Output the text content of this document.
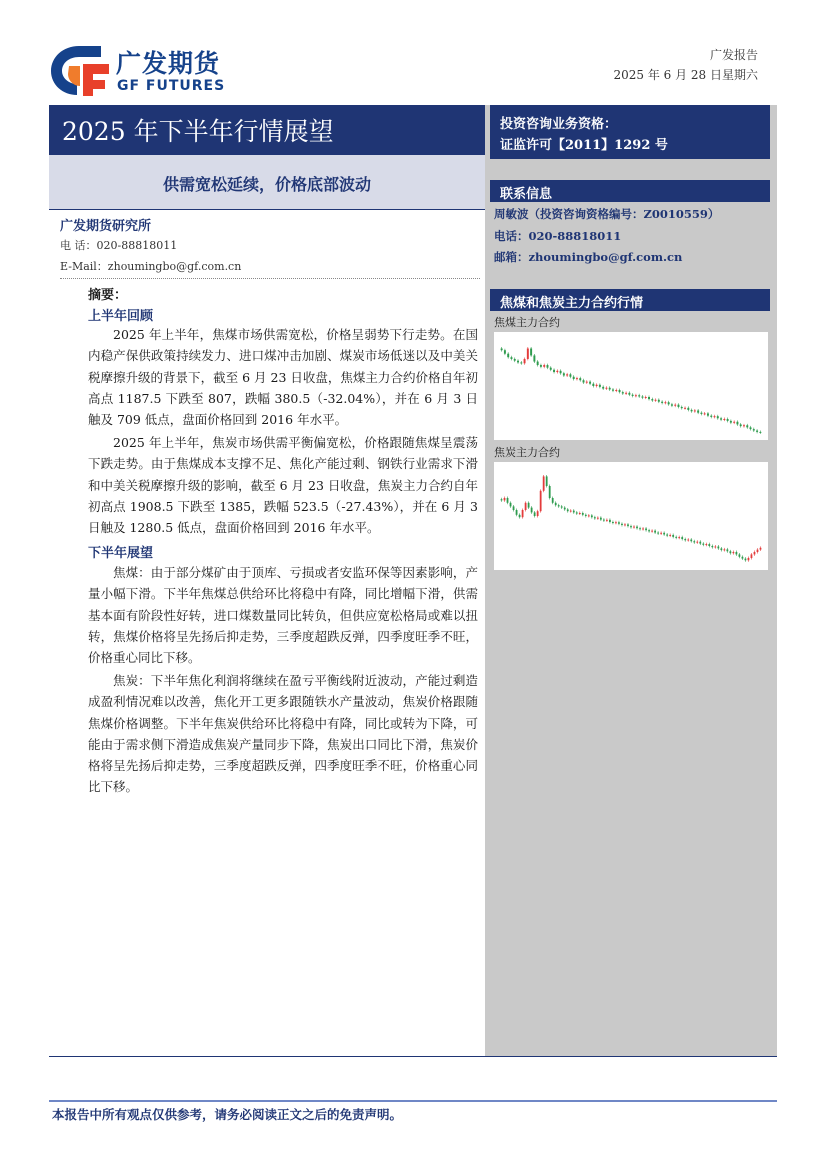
广发期货
GF FUTURES
广发报告
2025 年 6 月 28 日星期六
2025 年下半年行情展望
供需宽松延续，价格底部波动
广发期货研究所
电 话：020-88818011
E-Mail：zhoumingbo@gf.com.cn
摘要：
上半年回顾
2025 年上半年，焦煤市场供需宽松，价格呈弱势下行走势。在国内稳产保供政策持续发力、进口煤冲击加剧、煤炭市场低迷以及中美关税摩擦升级的背景下，截至 6 月 23 日收盘，焦煤主力合约价格自年初高点 1187.5 下跌至 807，跌幅 380.5（-32.04%），并在 6 月 3 日触及 709 低点，盘面价格回到 2016 年水平。
2025 年上半年，焦炭市场供需平衡偏宽松，价格跟随焦煤呈震荡下跌走势。由于焦煤成本支撑不足、焦化产能过剩、钢铁行业需求下滑和中美关税摩擦升级的影响，截至 6 月 23 日收盘，焦炭主力合约自年初高点 1908.5 下跌至 1385，跌幅 523.5（-27.43%），并在 6 月 3 日触及 1280.5 低点，盘面价格回到 2016 年水平。
下半年展望
焦煤：由于部分煤矿由于顶库、亏损或者安监环保等因素影响，产量小幅下滑。下半年焦煤总供给环比将稳中有降，同比增幅下滑，供需基本面有阶段性好转，进口煤数量同比转负，但供应宽松格局或难以扭转，焦煤价格将呈先扬后抑走势，三季度超跌反弹，四季度旺季不旺，价格重心同比下移。
焦炭：下半年焦化利润将继续在盈亏平衡线附近波动，产能过剩造成盈利情况难以改善，焦化开工更多跟随铁水产量波动，焦炭价格跟随焦煤价格调整。下半年焦炭供给环比将稳中有降，同比或转为下降，可能由于需求侧下滑造成焦炭产量同步下降，焦炭出口同比下滑，焦炭价格将呈先扬后抑走势，三季度超跌反弹，四季度旺季不旺，价格重心同比下移。
投资咨询业务资格：
证监许可【2011】1292 号
联系信息
周敏波（投资咨询资格编号：Z0010559）
电话：020-88818011
邮箱：zhoumingbo@gf.com.cn
焦煤和焦炭主力合约行情
焦煤主力合约
焦炭主力合约
本报告中所有观点仅供参考，请务必阅读正文之后的免责声明。
